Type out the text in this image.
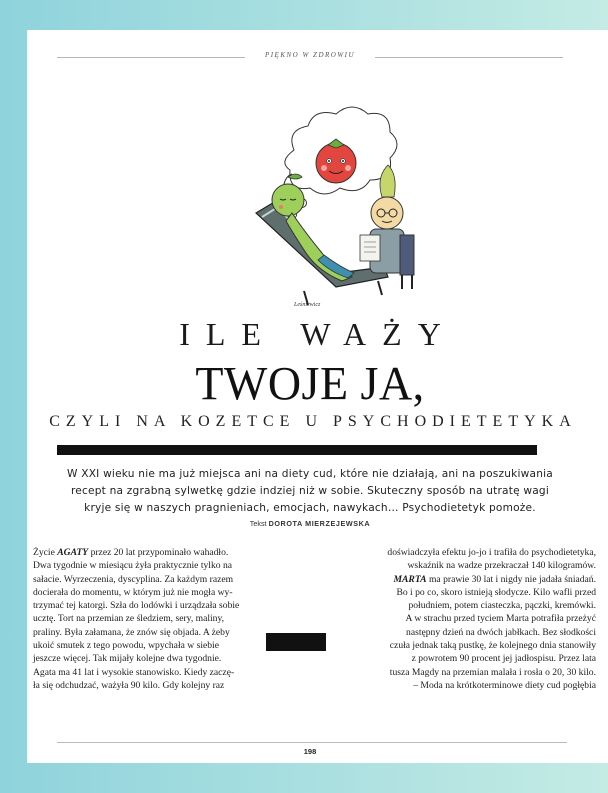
PIĘKNO W ZDROWIU
Leśniewicz
ILE WAŻY
TWOJE JA,
CZYLI NA KOZETCE U PSYCHODIETETYKA
W XXI wieku nie ma już miejsca ani na diety cud, które nie działają, ani na poszukiwania recept na zgrabną sylwetkę gdzie indziej niż w sobie. Skuteczny sposób na utratę wagi kryje się w naszych pragnieniach, emocjach, nawykach… Psychodietetyk pomoże.
Tekst DOROTA MIERZEJEWSKA

Życie AGATY przez 20 lat przypominało wahadło.

Dwa tygodnie w miesiącu żyła praktycznie tylko na

sałacie. Wyrzeczenia, dyscyplina. Za każdym razem

docierała do momentu, w którym już nie mogła wy-

trzymać tej katorgi. Szła do lodówki i urządzała sobie

ucztę. Tort na przemian ze śledziem, sery, maliny,

praliny. Była załamana, że znów się objada. A żeby

ukoić smutek z tego powodu, wpychała w siebie

jeszcze więcej. Tak mijały kolejne dwa tygodnie.

Agata ma 41 lat i wysokie stanowisko. Kiedy zaczę-

ła się odchudzać, ważyła 90 kilo. Gdy kolejny raz

doświadczyła efektu jo-jo i trafiła do psychodietetyka,

wskaźnik na wadze przekraczał 140 kilogramów.

MARTA ma prawie 30 lat i nigdy nie jadała śniadań.

Bo i po co, skoro istnieją słodycze. Kilo wafli przed

południem, potem ciasteczka, pączki, kremówki.

A w strachu przed tyciem Marta potrafiła przeżyć

następny dzień na dwóch jabłkach. Bez słodkości

czuła jednak taką pustkę, że kolejnego dnia stanowiły

z powrotem 90 procent jej jadłospisu. Przez lata

tusza Magdy na przemian malała i rosła o 20, 30 kilo.

– Moda na krótkoterminowe diety cud pogłębia

198
